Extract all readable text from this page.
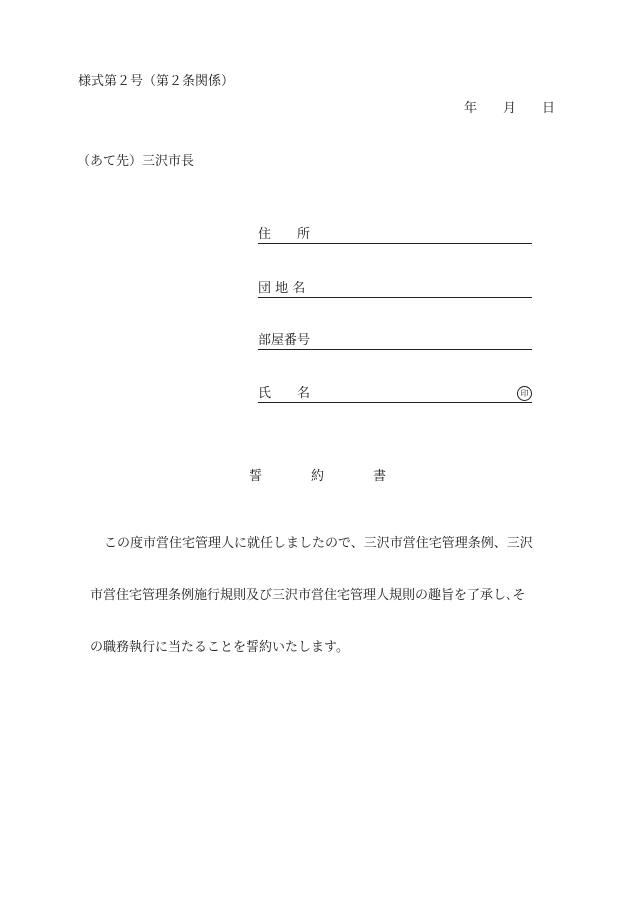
様式第２号（第２条関係）
年 月 日
（あて先）三沢市長
住　　所
団 地 名
部屋番号
氏　　名	印
誓	約	書
この度市営住宅管理人に就任しましたので、三沢市営住宅管理条例、三沢
市営住宅管理条例施行規則及び三沢市営住宅管理人規則の趣旨を了承し､そ
の職務執行に当たることを誓約いたします。
